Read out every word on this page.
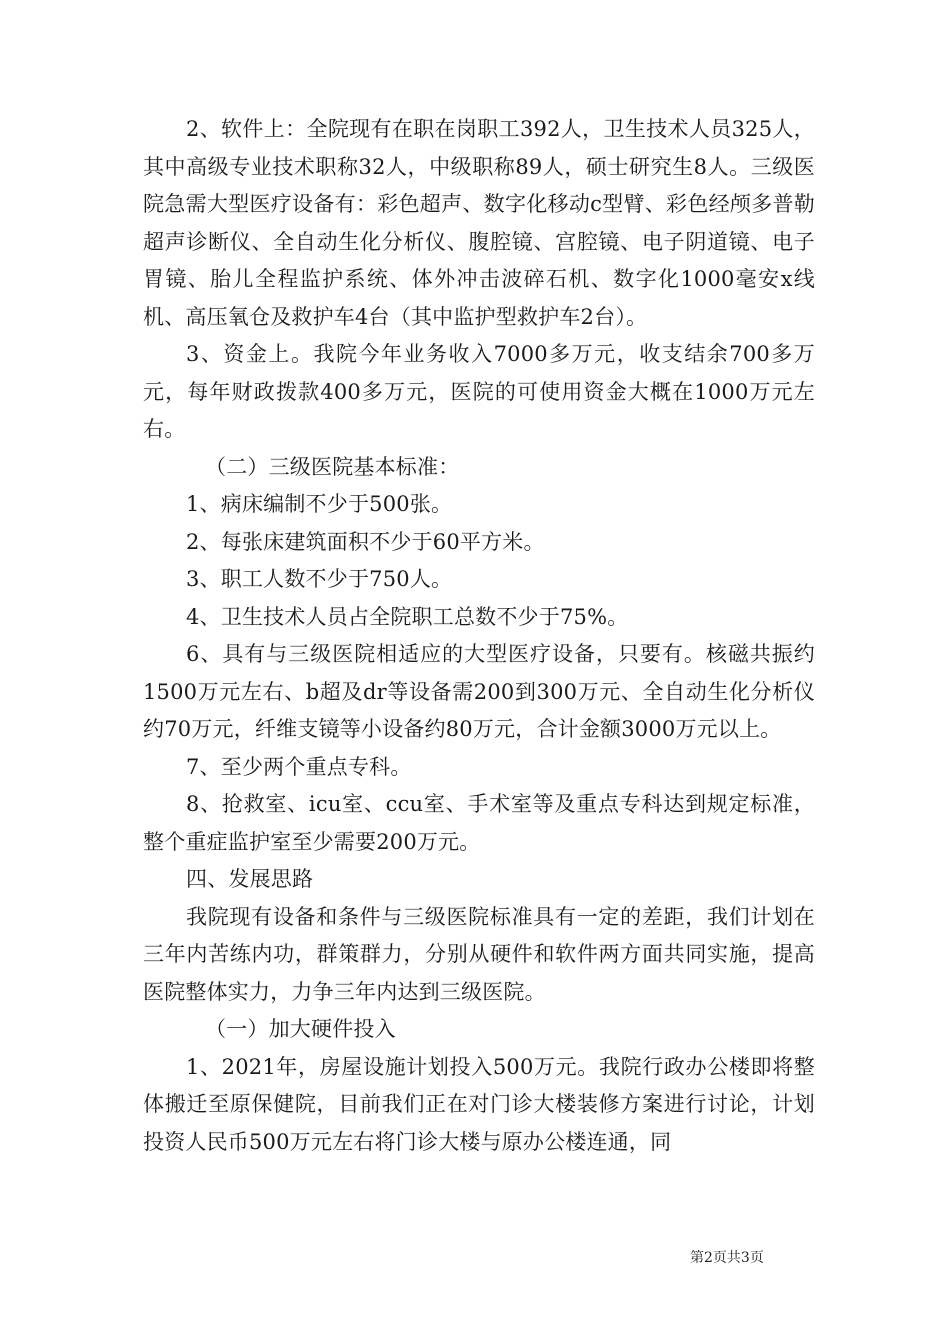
2、软件上：全院现有在职在岗职工392人，卫生技术人员325人，其中高级专业技术职称32人，中级职称89人，硕士研究生8人。三级医院急需大型医疗设备有：彩色超声、数字化移动c型臂、彩色经颅多普勒超声诊断仪、全自动生化分析仪、腹腔镜、宫腔镜、电子阴道镜、电子胃镜、胎儿全程监护系统、体外冲击波碎石机、数字化1000毫安x线机、高压氧仓及救护车4台（其中监护型救护车2台）。

3、资金上。我院今年业务收入7000多万元，收支结余700多万元，每年财政拨款400多万元，医院的可使用资金大概在1000万元左右。

（二）三级医院基本标准：

1、病床编制不少于500张。

2、每张床建筑面积不少于60平方米。

3、职工人数不少于750人。

4、卫生技术人员占全院职工总数不少于75%。

6、具有与三级医院相适应的大型医疗设备，只要有。核磁共振约1500万元左右、b超及dr等设备需200到300万元、全自动生化分析仪约70万元，纤维支镜等小设备约80万元，合计金额3000万元以上。

7、至少两个重点专科。

8、抢救室、icu室、ccu室、手术室等及重点专科达到规定标准，整个重症监护室至少需要200万元。

四、发展思路

我院现有设备和条件与三级医院标准具有一定的差距，我们计划在三年内苦练内功，群策群力，分别从硬件和软件两方面共同实施，提高医院整体实力，力争三年内达到三级医院。

（一）加大硬件投入

1、2021年，房屋设施计划投入500万元。我院行政办公楼即将整体搬迁至原保健院，目前我们正在对门诊大楼装修方案进行讨论，计划投资人民币500万元左右将门诊大楼与原办公楼连通，同

第2页共3页
